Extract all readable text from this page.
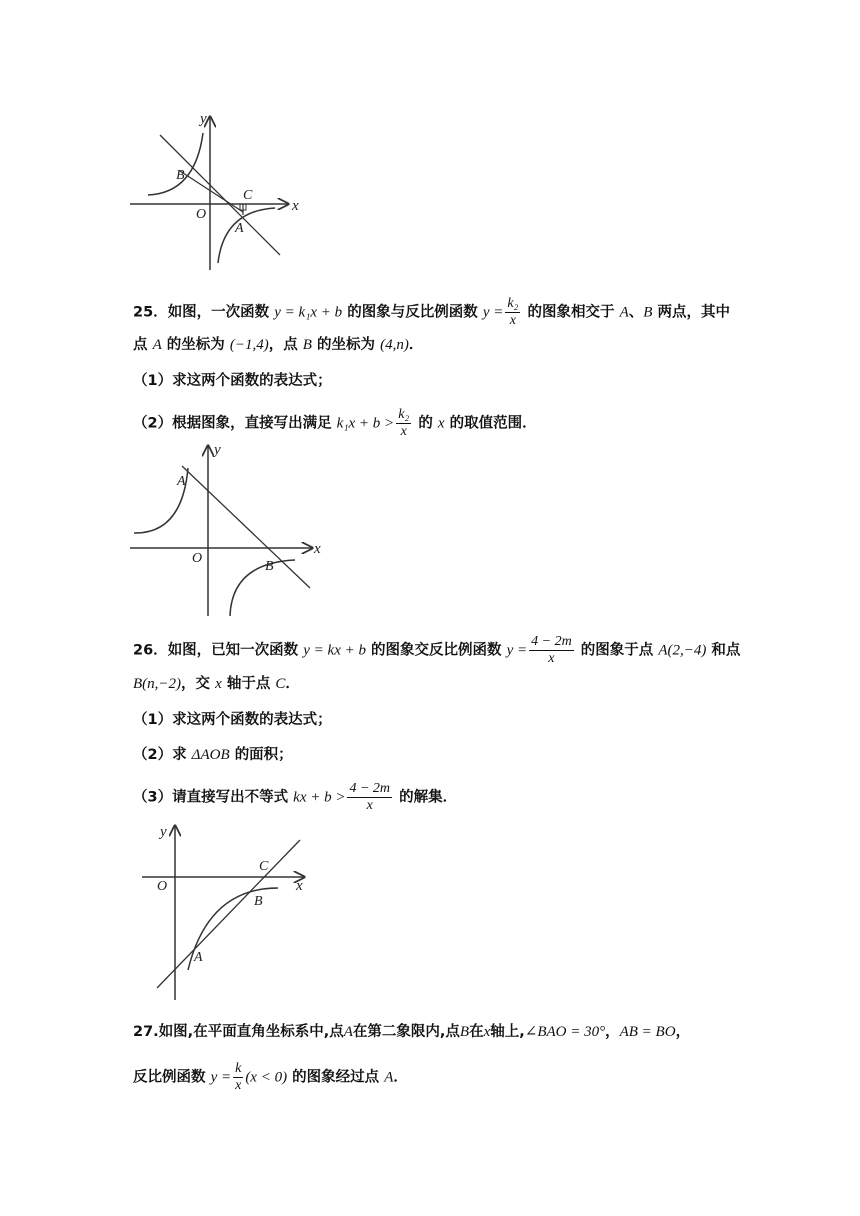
y
x
O
B
C
A
25．如图，一次函数 y = k₁x + b 的图象与反比例函数 $y = \frac{\text{k₂}}{x}$ 的图象相交于 A、B 两点，其中
点 A 的坐标为 (−1,4)，点 B 的坐标为 (4,n)．
（1）求这两个函数的表达式；
（2）根据图象，直接写出满足 $k_1x + b > \frac{\text{k₂}}{x}$ 的 x 的取值范围．
y
x
O
A
B
26．如图，已知一次函数 y = kx + b 的图象交反比例函数 $y = \frac{4 - 2m}{x}$ 的图象于点 A(2,−4) 和点
B(n,−2)，交 x 轴于点 C．
（1）求这两个函数的表达式；
（2）求 ΔAOB 的面积；
（3）请直接写出不等式 kx + $b > \frac{4 - 2m}{x}$ 的解集．
y
x
O
C
B
A
27.如图,在平面直角坐标系中,点A在第二象限内,点B在x轴上,∠BAO = 30°，AB = BO，
反比例函数 $y = \frac{k}{x} (x < 0)$ 的图象经过点 A．
